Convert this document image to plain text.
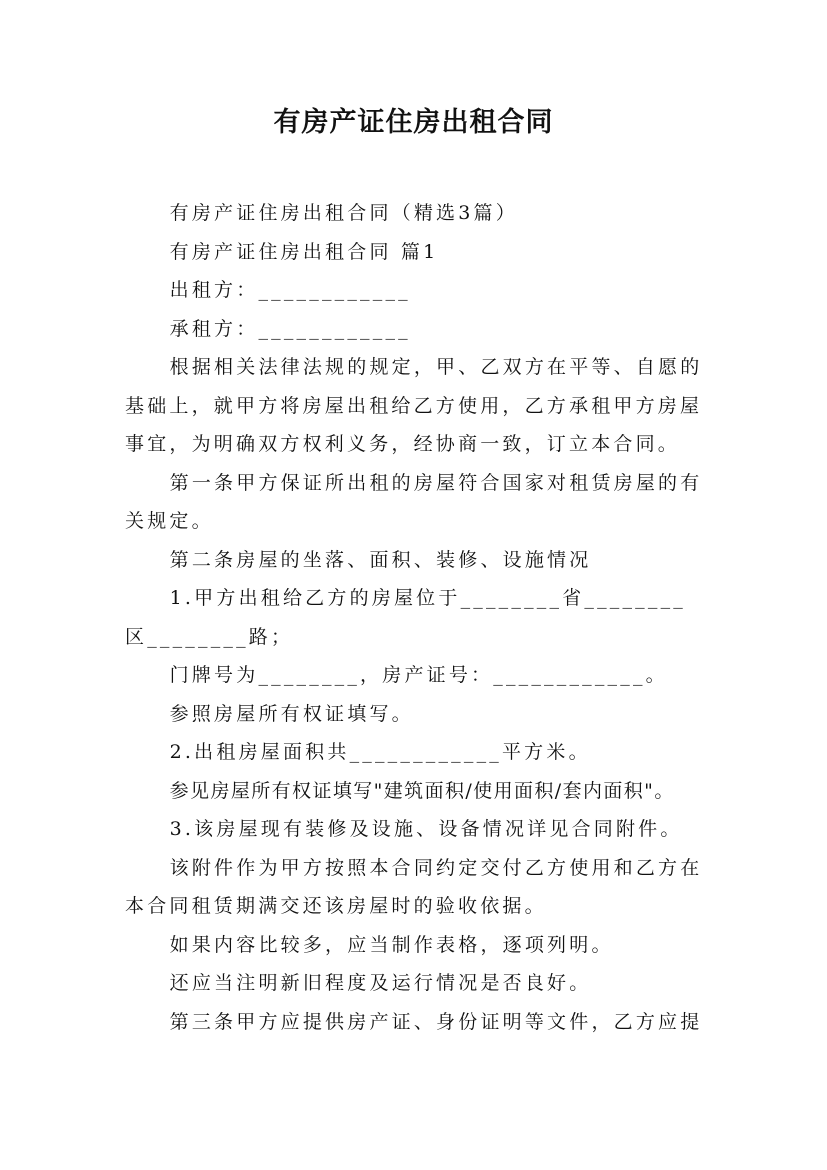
有房产证住房出租合同

有房产证住房出租合同（精选3篇）

有房产证住房出租合同 篇1

出租方：____________

承租方：____________

根据相关法律法规的规定，甲、乙双方在平等、自愿的基础上，就甲方将房屋出租给乙方使用，乙方承租甲方房屋事宜，为明确双方权利义务，经协商一致，订立本合同。

第一条甲方保证所出租的房屋符合国家对租赁房屋的有关规定。

第二条房屋的坐落、面积、装修、设施情况

1.甲方出租给乙方的房屋位于________省________区________路；

门牌号为________，房产证号：____________。

参照房屋所有权证填写。

2.出租房屋面积共____________平方米。

参见房屋所有权证填写"建筑面积/使用面积/套内面积"。

3.该房屋现有装修及设施、设备情况详见合同附件。

该附件作为甲方按照本合同约定交付乙方使用和乙方在本合同租赁期满交还该房屋时的验收依据。

如果内容比较多，应当制作表格，逐项列明。

还应当注明新旧程度及运行情况是否良好。

第三条甲方应提供房产证、身份证明等文件，乙方应提
